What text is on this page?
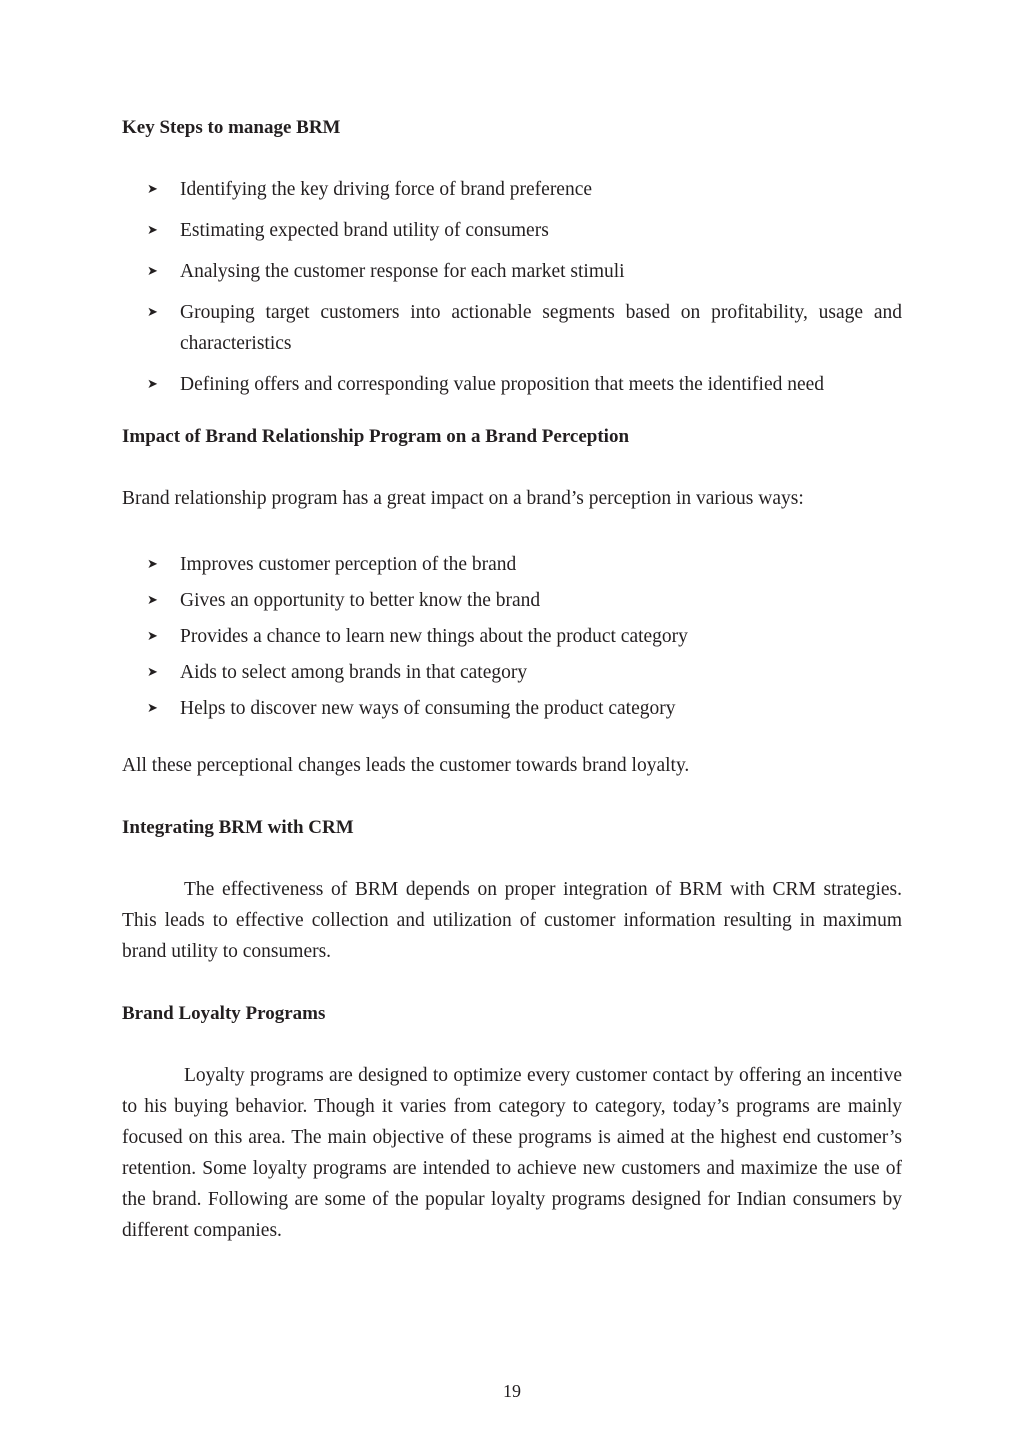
Key Steps to manage BRM
➤ Identifying the key driving force of brand preference
➤ Estimating expected brand utility of consumers
➤ Analysing the customer response for each market stimuli
➤ Grouping target customers into actionable segments based on profitability, usage and characteristics
➤ Defining offers and corresponding value proposition that meets the identified need
Impact of Brand Relationship Program on a Brand Perception

Brand relationship program has a great impact on a brand’s perception in various ways:

➤ Improves customer perception of the brand
➤ Gives an opportunity to better know the brand
➤ Provides a chance to learn new things about the product category
➤ Aids to select among brands in that category
➤ Helps to discover new ways of consuming the product category

All these perceptional changes leads the customer towards brand loyalty.

Integrating BRM with CRM

The effectiveness of BRM depends on proper integration of BRM with CRM strategies. This leads to effective collection and utilization of customer information resulting in maximum brand utility to consumers.

Brand Loyalty Programs

Loyalty programs are designed to optimize every customer contact by offering an incentive to his buying behavior. Though it varies from category to category, today’s programs are mainly focused on this area. The main objective of these programs is aimed at the highest end customer’s retention. Some loyalty programs are intended to achieve new customers and maximize the use of the brand. Following are some of the popular loyalty programs designed for Indian consumers by different companies.

19
